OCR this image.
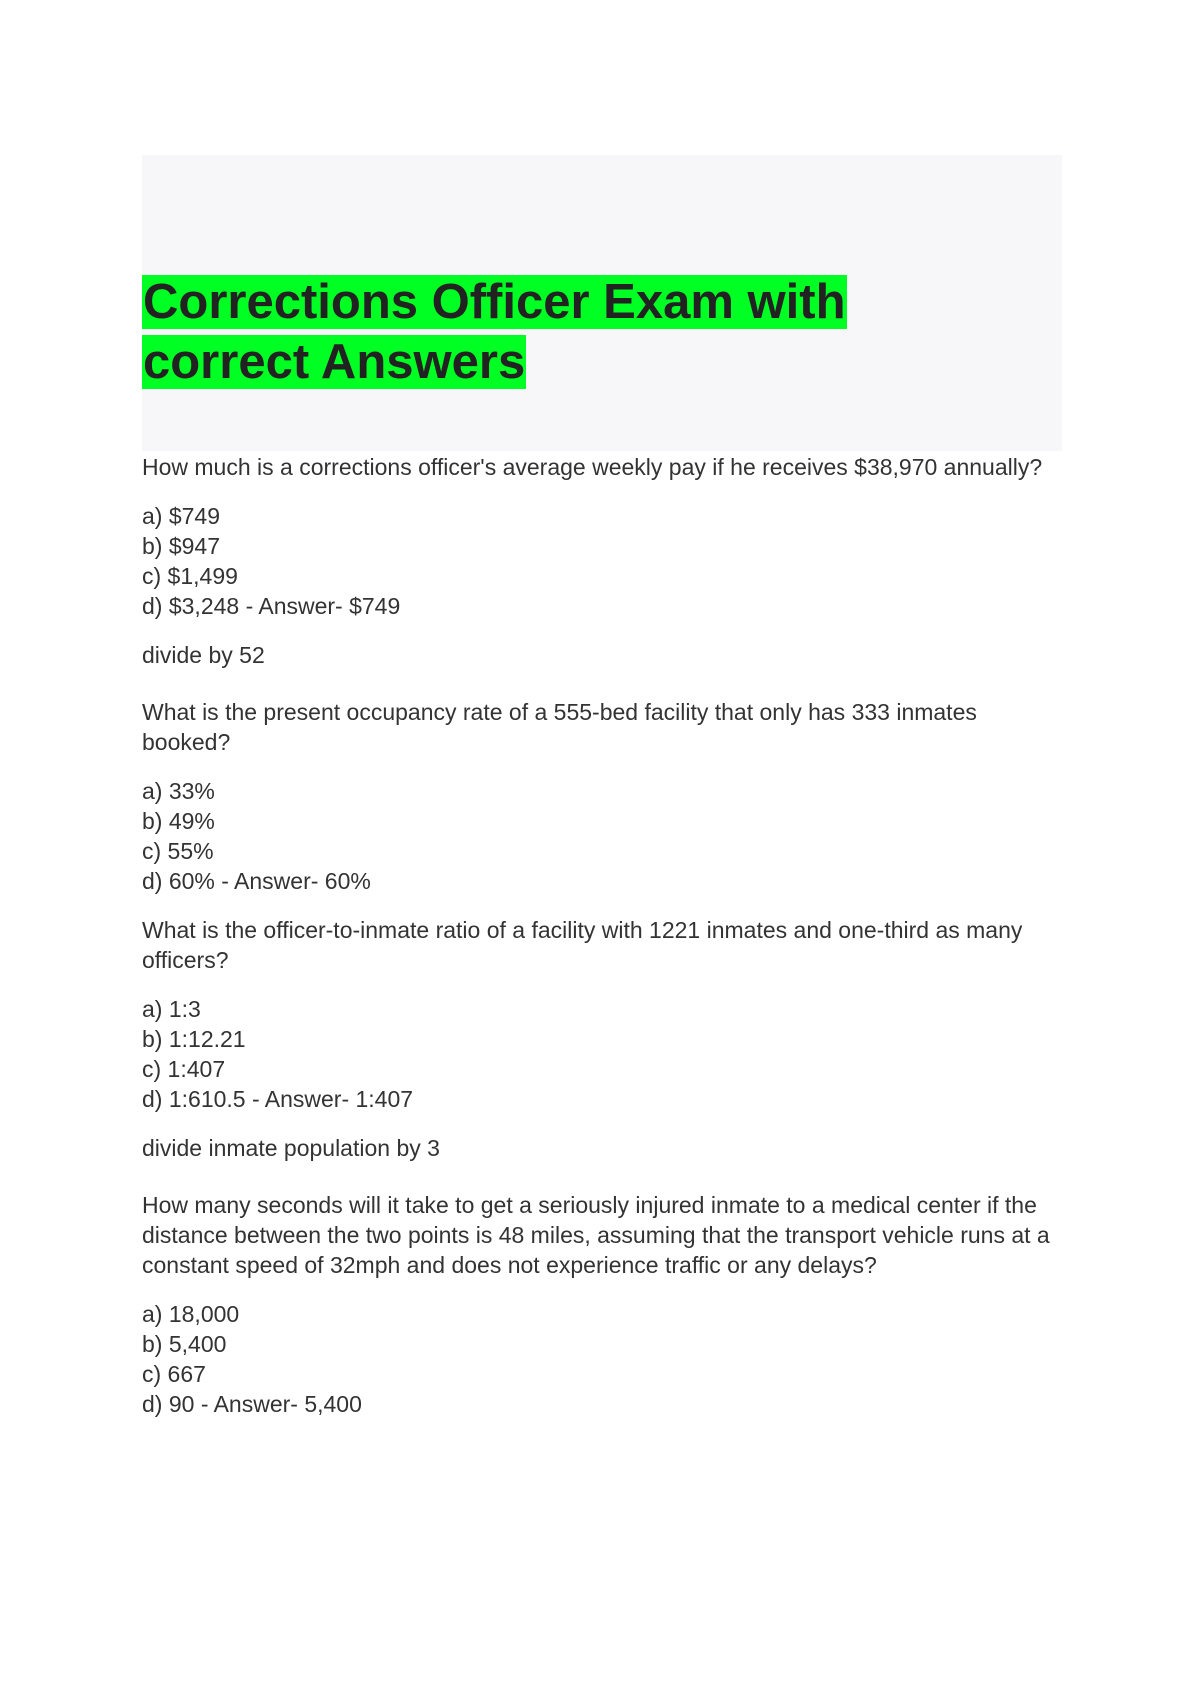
Corrections Officer Exam with correct Answers

How much is a corrections officer's average weekly pay if he receives $38,970 annually?

a) $749
b) $947
c) $1,499
d) $3,248 - Answer- $749

divide by 52

What is the present occupancy rate of a 555-bed facility that only has 333 inmates booked?

a) 33%
b) 49%
c) 55%
d) 60% - Answer- 60%

What is the officer-to-inmate ratio of a facility with 1221 inmates and one-third as many officers?

a) 1:3
b) 1:12.21
c) 1:407
d) 1:610.5 - Answer- 1:407

divide inmate population by 3

How many seconds will it take to get a seriously injured inmate to a medical center if the distance between the two points is 48 miles, assuming that the transport vehicle runs at a constant speed of 32mph and does not experience traffic or any delays?

a) 18,000
b) 5,400
c) 667
d) 90 - Answer- 5,400
